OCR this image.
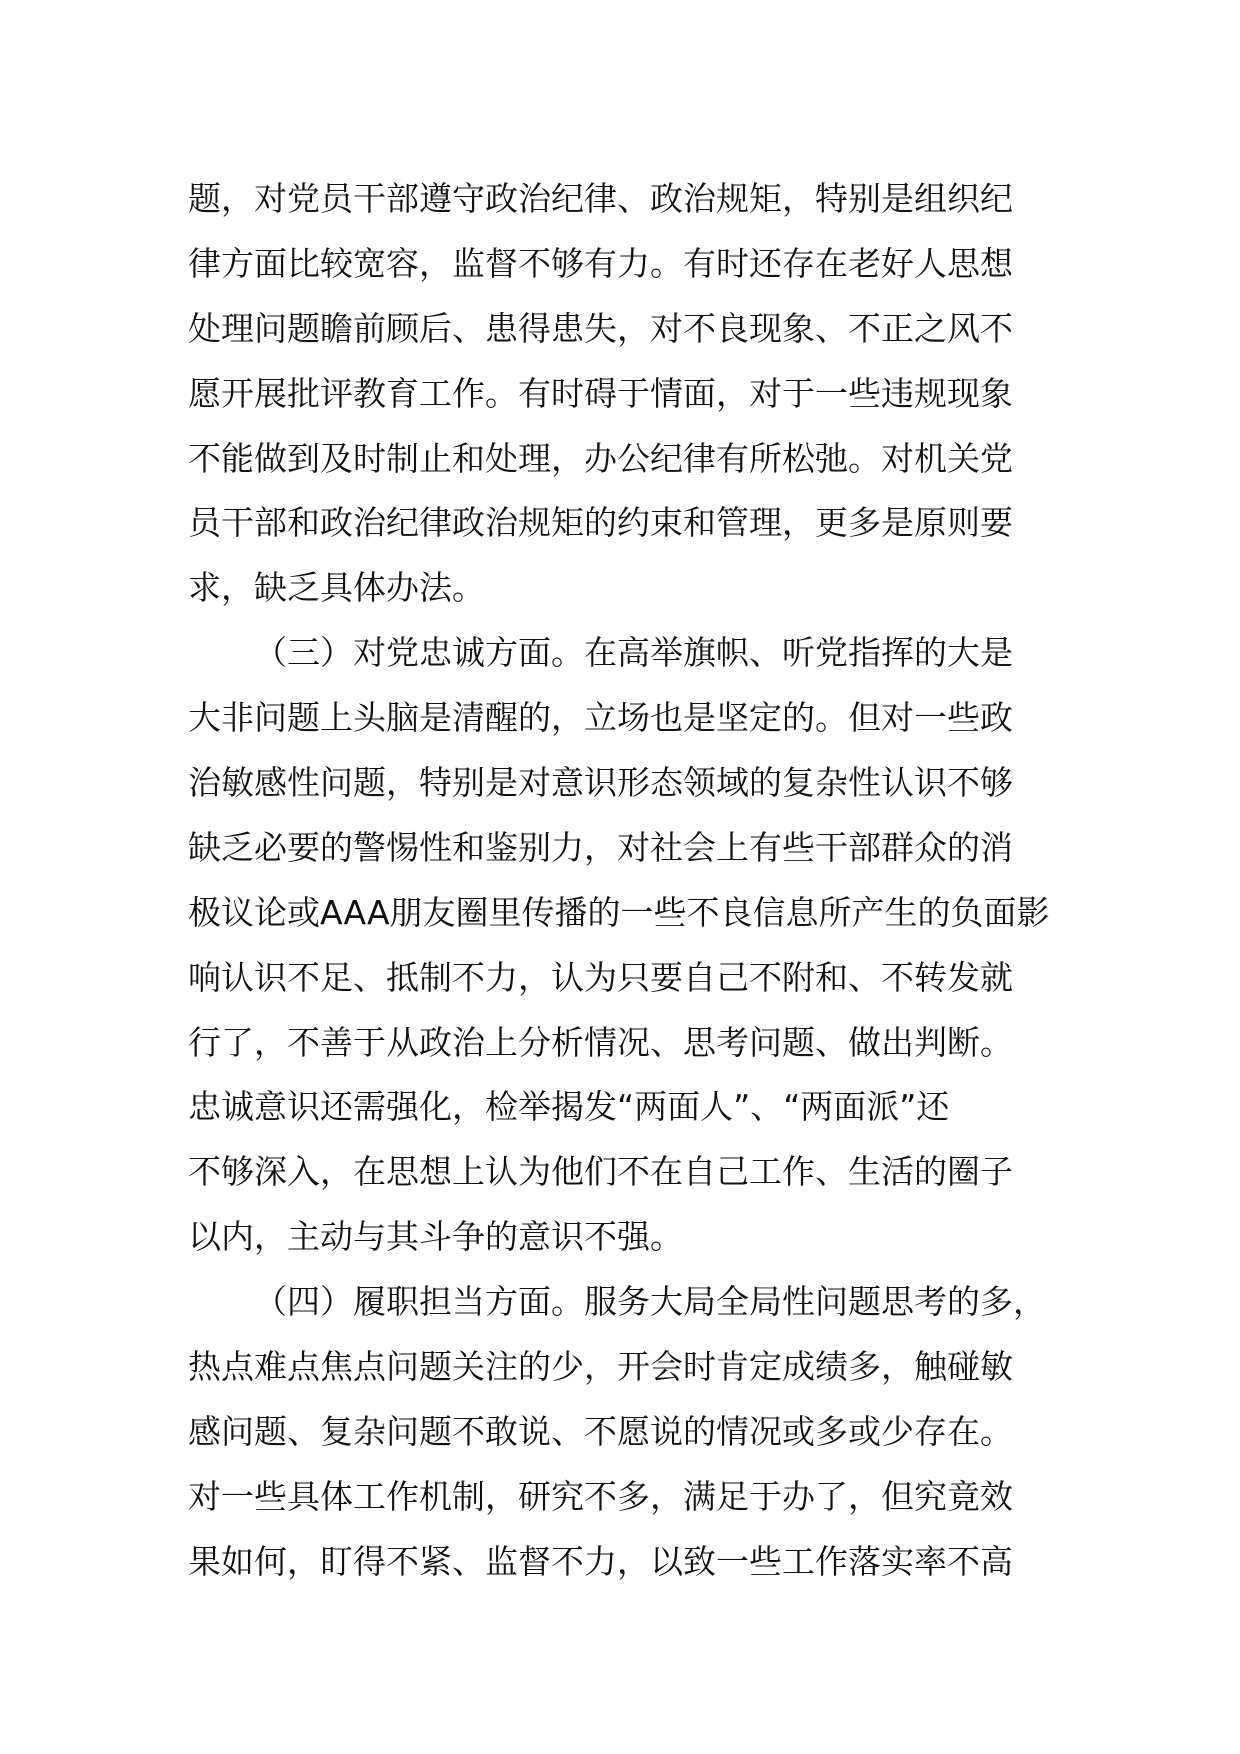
题，对党员干部遵守政治纪律、政治规矩，特别是组织纪
律方面比较宽容，监督不够有力。有时还存在老好人思想
处理问题瞻前顾后、患得患失，对不良现象、不正之风不
愿开展批评教育工作。有时碍于情面，对于一些违规现象
不能做到及时制止和处理，办公纪律有所松弛。对机关党
员干部和政治纪律政治规矩的约束和管理，更多是原则要
求，缺乏具体办法。
（三）对党忠诚方面。在高举旗帜、听党指挥的大是
大非问题上头脑是清醒的，立场也是坚定的。但对一些政
治敏感性问题，特别是对意识形态领域的复杂性认识不够
缺乏必要的警惕性和鉴别力，对社会上有些干部群众的消
极议论或AAA朋友圈里传播的一些不良信息所产生的负面影
响认识不足、抵制不力，认为只要自己不附和、不转发就
行了，不善于从政治上分析情况、思考问题、做出判断。
忠诚意识还需强化，检举揭发“两面人”、“两面派”还
不够深入，在思想上认为他们不在自己工作、生活的圈子
以内，主动与其斗争的意识不强。
（四）履职担当方面。服务大局全局性问题思考的多，
热点难点焦点问题关注的少，开会时肯定成绩多，触碰敏
感问题、复杂问题不敢说、不愿说的情况或多或少存在。
对一些具体工作机制，研究不多，满足于办了，但究竟效
果如何，盯得不紧、监督不力，以致一些工作落实率不高
